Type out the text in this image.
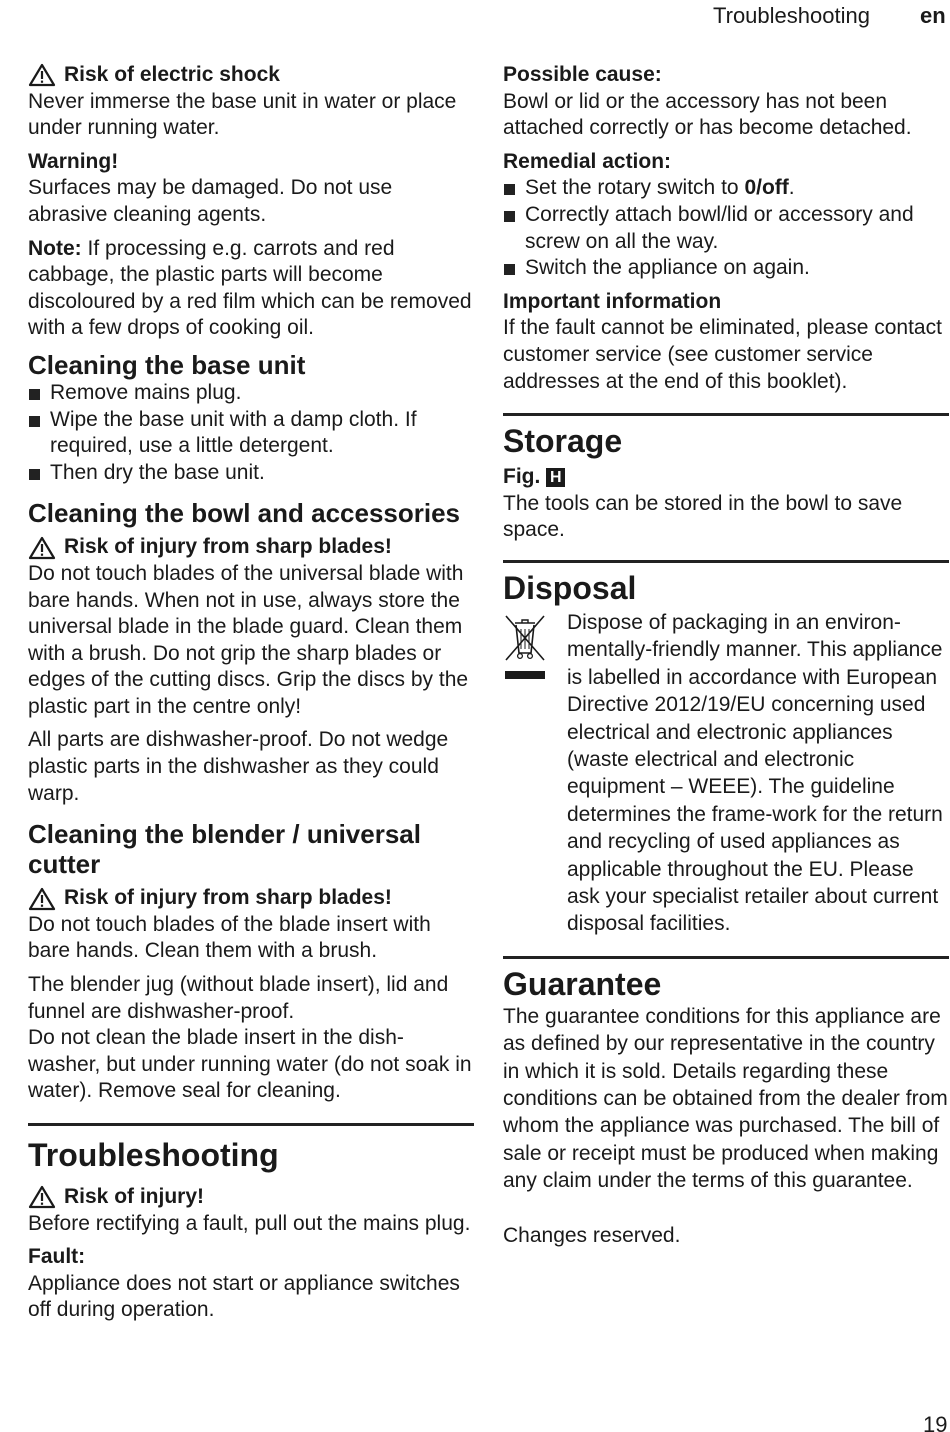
Troubleshooting en
Risk of electric shock
Never immerse the base unit in water or place under running water.
Warning!
Surfaces may be damaged. Do not use abrasive cleaning agents.
Note: If processing e.g. carrots and red cabbage, the plastic parts will become discoloured by a red film which can be removed with a few drops of cooking oil.
Cleaning the base unit
Remove mains plug.
Wipe the base unit with a damp cloth. If required, use a little detergent.
Then dry the base unit.
Cleaning the bowl and accessories
Risk of injury from sharp blades!
Do not touch blades of the universal blade with bare hands. When not in use, always store the universal blade in the blade guard. Clean them with a brush. Do not grip the sharp blades or edges of the cutting discs. Grip the discs by the plastic part in the centre only!
All parts are dishwasher-proof. Do not wedge plastic parts in the dishwasher as they could warp.
Cleaning the blender / universal cutter
Risk of injury from sharp blades!
Do not touch blades of the blade insert with bare hands. Clean them with a brush.
The blender jug (without blade insert), lid and funnel are dishwasher-proof.
Do not clean the blade insert in the dish-washer, but under running water (do not soak in water). Remove seal for cleaning.
Troubleshooting
Risk of injury!
Before rectifying a fault, pull out the mains plug.
Fault:
Appliance does not start or appliance switches off during operation.
Possible cause:
Bowl or lid or the accessory has not been attached correctly or has become detached.
Remedial action:
Set the rotary switch to 0/off.
Correctly attach bowl/lid or accessory and screw on all the way.
Switch the appliance on again.
Important information
If the fault cannot be eliminated, please contact customer service (see customer service addresses at the end of this booklet).
Storage
Fig. H
The tools can be stored in the bowl to save space.
Disposal
Dispose of packaging in an environ-mentally-friendly manner. This appliance is labelled in accordance with European Directive 2012/19/EU concerning used electrical and electronic appliances (waste electrical and electronic equipment – WEEE). The guideline determines the frame-work for the return and recycling of used appliances as applicable throughout the EU. Please ask your specialist retailer about current disposal facilities.
Guarantee
The guarantee conditions for this appliance are as defined by our representative in the country in which it is sold. Details regarding these conditions can be obtained from the dealer from whom the appliance was purchased. The bill of sale or receipt must be produced when making any claim under the terms of this guarantee.
Changes reserved.
19
